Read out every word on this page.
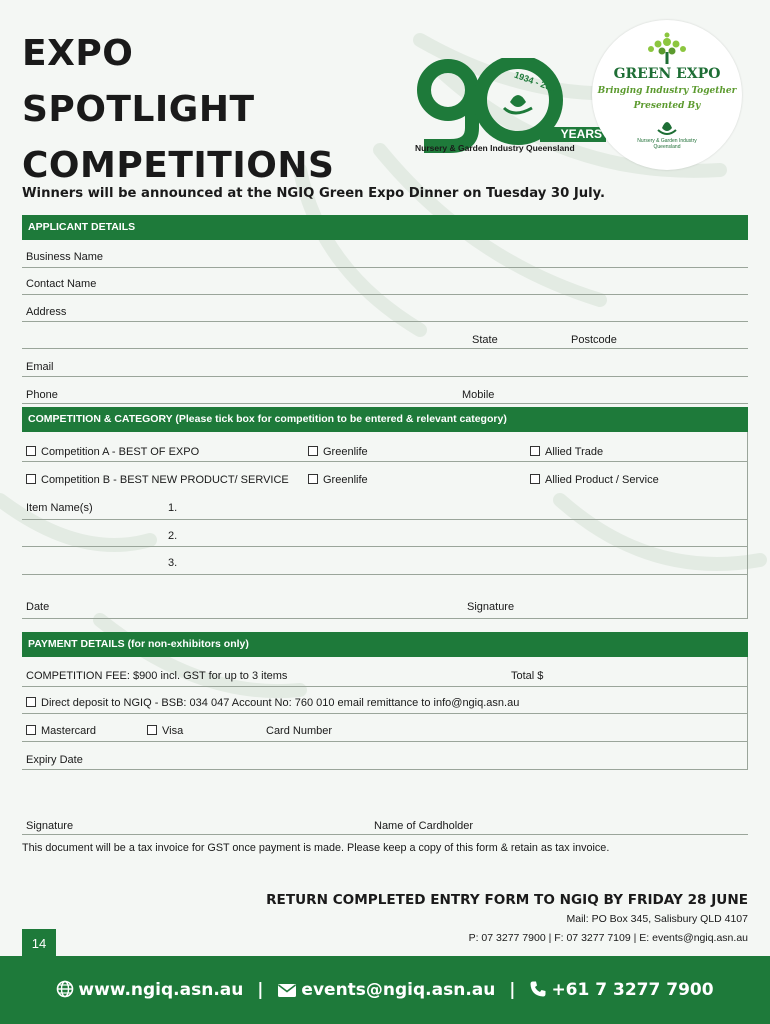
EXPO
SPOTLIGHT
COMPETITIONS
1934 - 2024
YEARS
Nursery & Garden Industry Queensland
GREEN EXPO
Bringing Industry Together
Presented By
Nursery & Garden Industry Queensland
Winners will be announced at the NGIQ Green Expo Dinner on Tuesday 30 July.
APPLICANT DETAILS
Business Name
Contact Name
Address
State	Postcode
Email
Phone	Mobile
COMPETITION & CATEGORY (Please tick box for competition to be entered & relevant category)
Competition A - BEST OF EXPO	Greenlife	Allied Trade
Competition B - BEST NEW PRODUCT/ SERVICE	Greenlife	Allied Product / Service
Item Name(s)	1.
2.
3.
Date	Signature
PAYMENT DETAILS (for non-exhibitors only)
COMPETITION FEE: $900 incl. GST for up to 3 items	Total $
Direct deposit to NGIQ - BSB: 034 047 Account No: 760 010 email remittance to info@ngiq.asn.au
Mastercard	Visa	Card Number
Expiry Date
Signature	Name of Cardholder
This document will be a tax invoice for GST once payment is made. Please keep a copy of this form & retain as tax invoice.
RETURN COMPLETED ENTRY FORM TO NGIQ BY FRIDAY 28 JUNE
Mail: PO Box 345, Salisbury QLD 4107
P: 07 3277 7900 | F: 07 3277 7109 | E: events@ngiq.asn.au
14
www.ngiq.asn.au | events@ngiq.asn.au | +61 7 3277 7900
